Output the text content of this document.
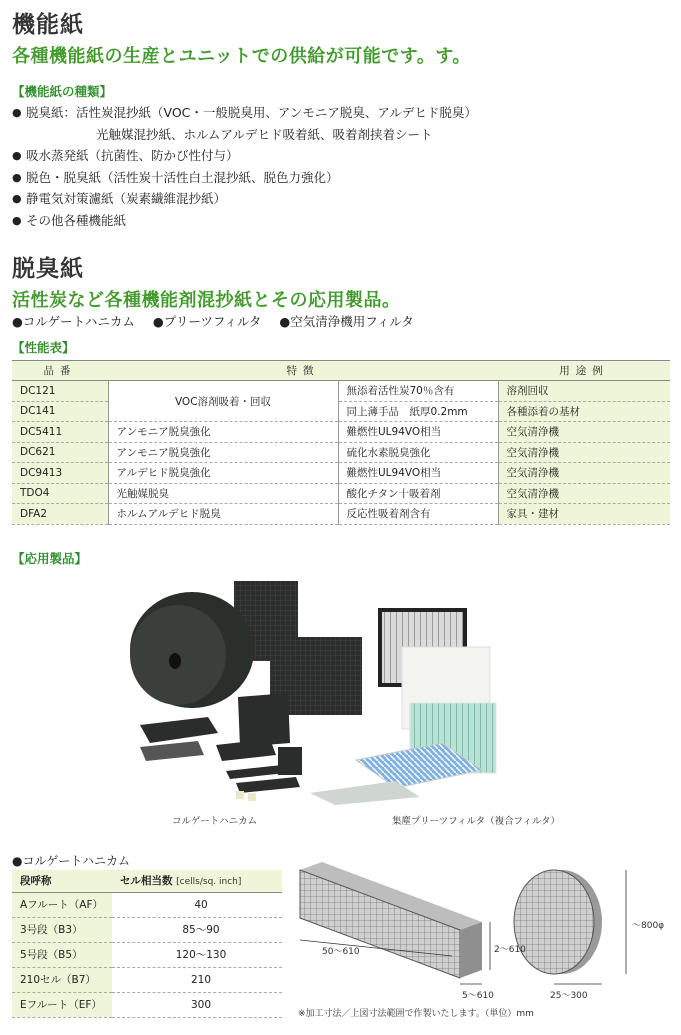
機能紙
各種機能紙の生産とユニットでの供給が可能です。す。
【機能紙の種類】
● 脱臭紙：活性炭混抄紙（VOC・一般脱臭用、アンモニア脱臭、アルデヒド脱臭）
光触媒混抄紙、ホルムアルデヒド吸着紙、吸着剤挟着シート
● 吸水蒸発紙（抗菌性、防かび性付与）
● 脱色・脱臭紙（活性炭十活性白土混抄紙、脱色力強化）
● 静電気対策濾紙（炭素繊維混抄紙）
● その他各種機能紙
脱臭紙
活性炭など各種機能剤混抄紙とその応用製品。
●コルゲートハニカム ●プリーツフィルタ ●空気清浄機用フィルタ
【性能表】
品番	特徴		用途例
DC121	VOC溶剤吸着・回収	無添着活性炭70％含有	溶剤回収
DC141		同上薄手品　紙厚0.2mm	各種添着の基材
DC5411	アンモニア脱臭強化	難燃性UL94VO相当	空気清浄機
DC621	アンモニア脱臭強化	硫化水素脱臭強化	空気清浄機
DC9413	アルデヒド脱臭強化	難燃性UL94VO相当	空気清浄機
TDO4	光触媒脱臭	酸化チタン十吸着剤	空気清浄機
DFA2	ホルムアルデヒド脱臭	反応性吸着剤含有	家具・建材
【応用製品】
コルゲートハニカム	集塵プリーツフィルタ（複合フィルタ）
●コルゲートハニカム
段呼称	セル相当数 [cells/sq. inch]
Aフルート（AF）	40
3号段（B3）	85～90
5号段（B5）	120～130
210セル（B7）	210
Eフルート（EF）	300
50～610	2～610
5～610
～800φ
25～300
※加工寸法／上図寸法範囲で作製いたします。（単位）mm
